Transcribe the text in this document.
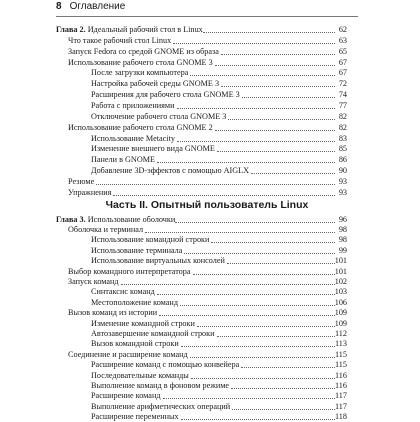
8 Оглавление
Часть II. Опытный пользователь Linux
Глава 2. Идеальный рабочий стол в Linux	62
Что такое рабочий стол Linux	63
Запуск Fedora со средой GNOME из образа	65
Использование рабочего стола GNOME 3	67
После загрузки компьютера	67
Настройка рабочей среды GNOME 3	72
Расширения для рабочего стола GNOME 3	74
Работа с приложениями	77
Отключение рабочего стола GNOME 3	82
Использование рабочего стола GNOME 2	82
Использование Metacity	83
Изменение внешнего вида GNOME	85
Панели в GNOME	86
Добавление 3D-эффектов с помощью AIGLX	90
Резюме	93
Упражнения	93
Глава 3. Использование оболочки	96
Оболочка и терминал	98
Использование командной строки	98
Использование терминала	99
Использование виртуальных консолей	101
Выбор командного интерпретатора	101
Запуск команд	102
Синтаксис команд	103
Местоположение команд	106
Вызов команд из истории	109
Изменение командной строки	109
Автозавершение командной строки	112
Вызов командной строки	113
Соединение и расширение команд	115
Расширение команд с помощью конвейера	115
Последовательные команды	116
Выполнение команд в фоновом режиме	116
Расширение команд	117
Выполнение арифметических операций	117
Расширение переменных	118
